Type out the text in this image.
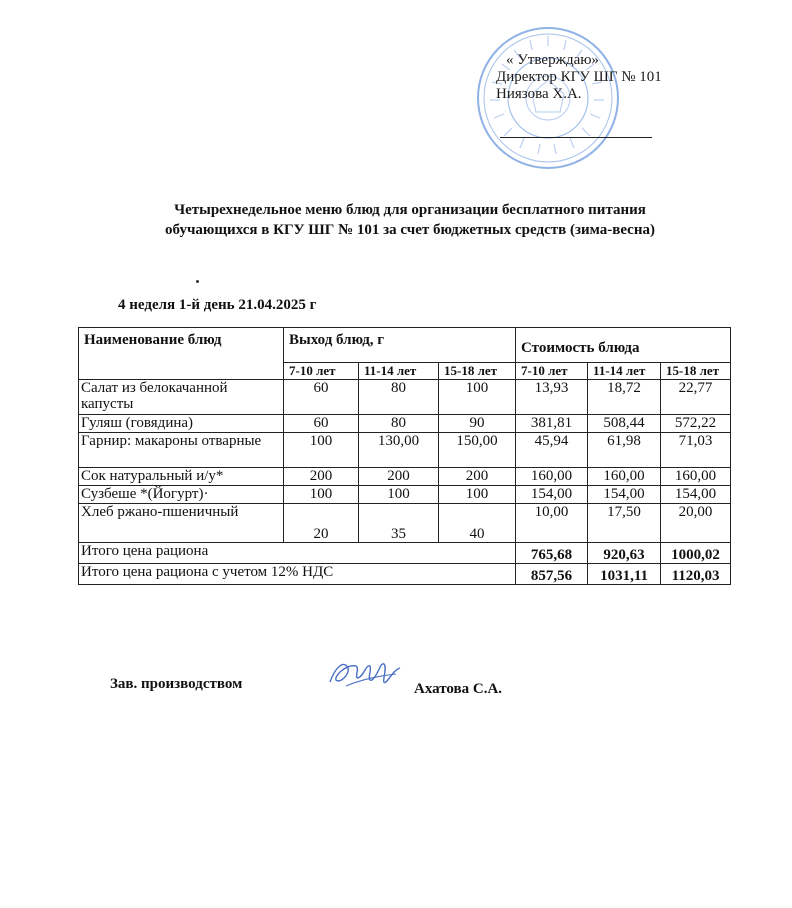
« Утверждаю»
Директор КГУ ШГ № 101
Ниязова Х.А.
Четырехнедельное меню блюд для организации бесплатного питания
обучающихся в КГУ ШГ № 101 за счет бюджетных средств (зима-весна)
4 неделя 1-й день 21.04.2025 г
Наименование блюд	Выход блюд, г			Стоимость блюда		
	7-10 лет	11-14 лет	15-18 лет	7-10 лет	11-14 лет	15-18 лет
Салат из белокачанной капусты	60	80	100	13,93	18,72	22,77
Гуляш (говядина)	60	80	90	381,81	508,44	572,22
Гарнир: макароны отварные	100	130,00	150,00	45,94	61,98	71,03
Сок натуральный и/у*	200	200	200	160,00	160,00	160,00
Сузбеше *(Йогурт)·	100	100	100	154,00	154,00	154,00
Хлеб ржано-пшеничный	20	35	40	10,00	17,50	20,00
Итого цена рациона				765,68	920,63	1000,02
Итого цена рациона с учетом 12% НДС				857,56	1031,11	1120,03
Зав. производством	Ахатова С.А.
